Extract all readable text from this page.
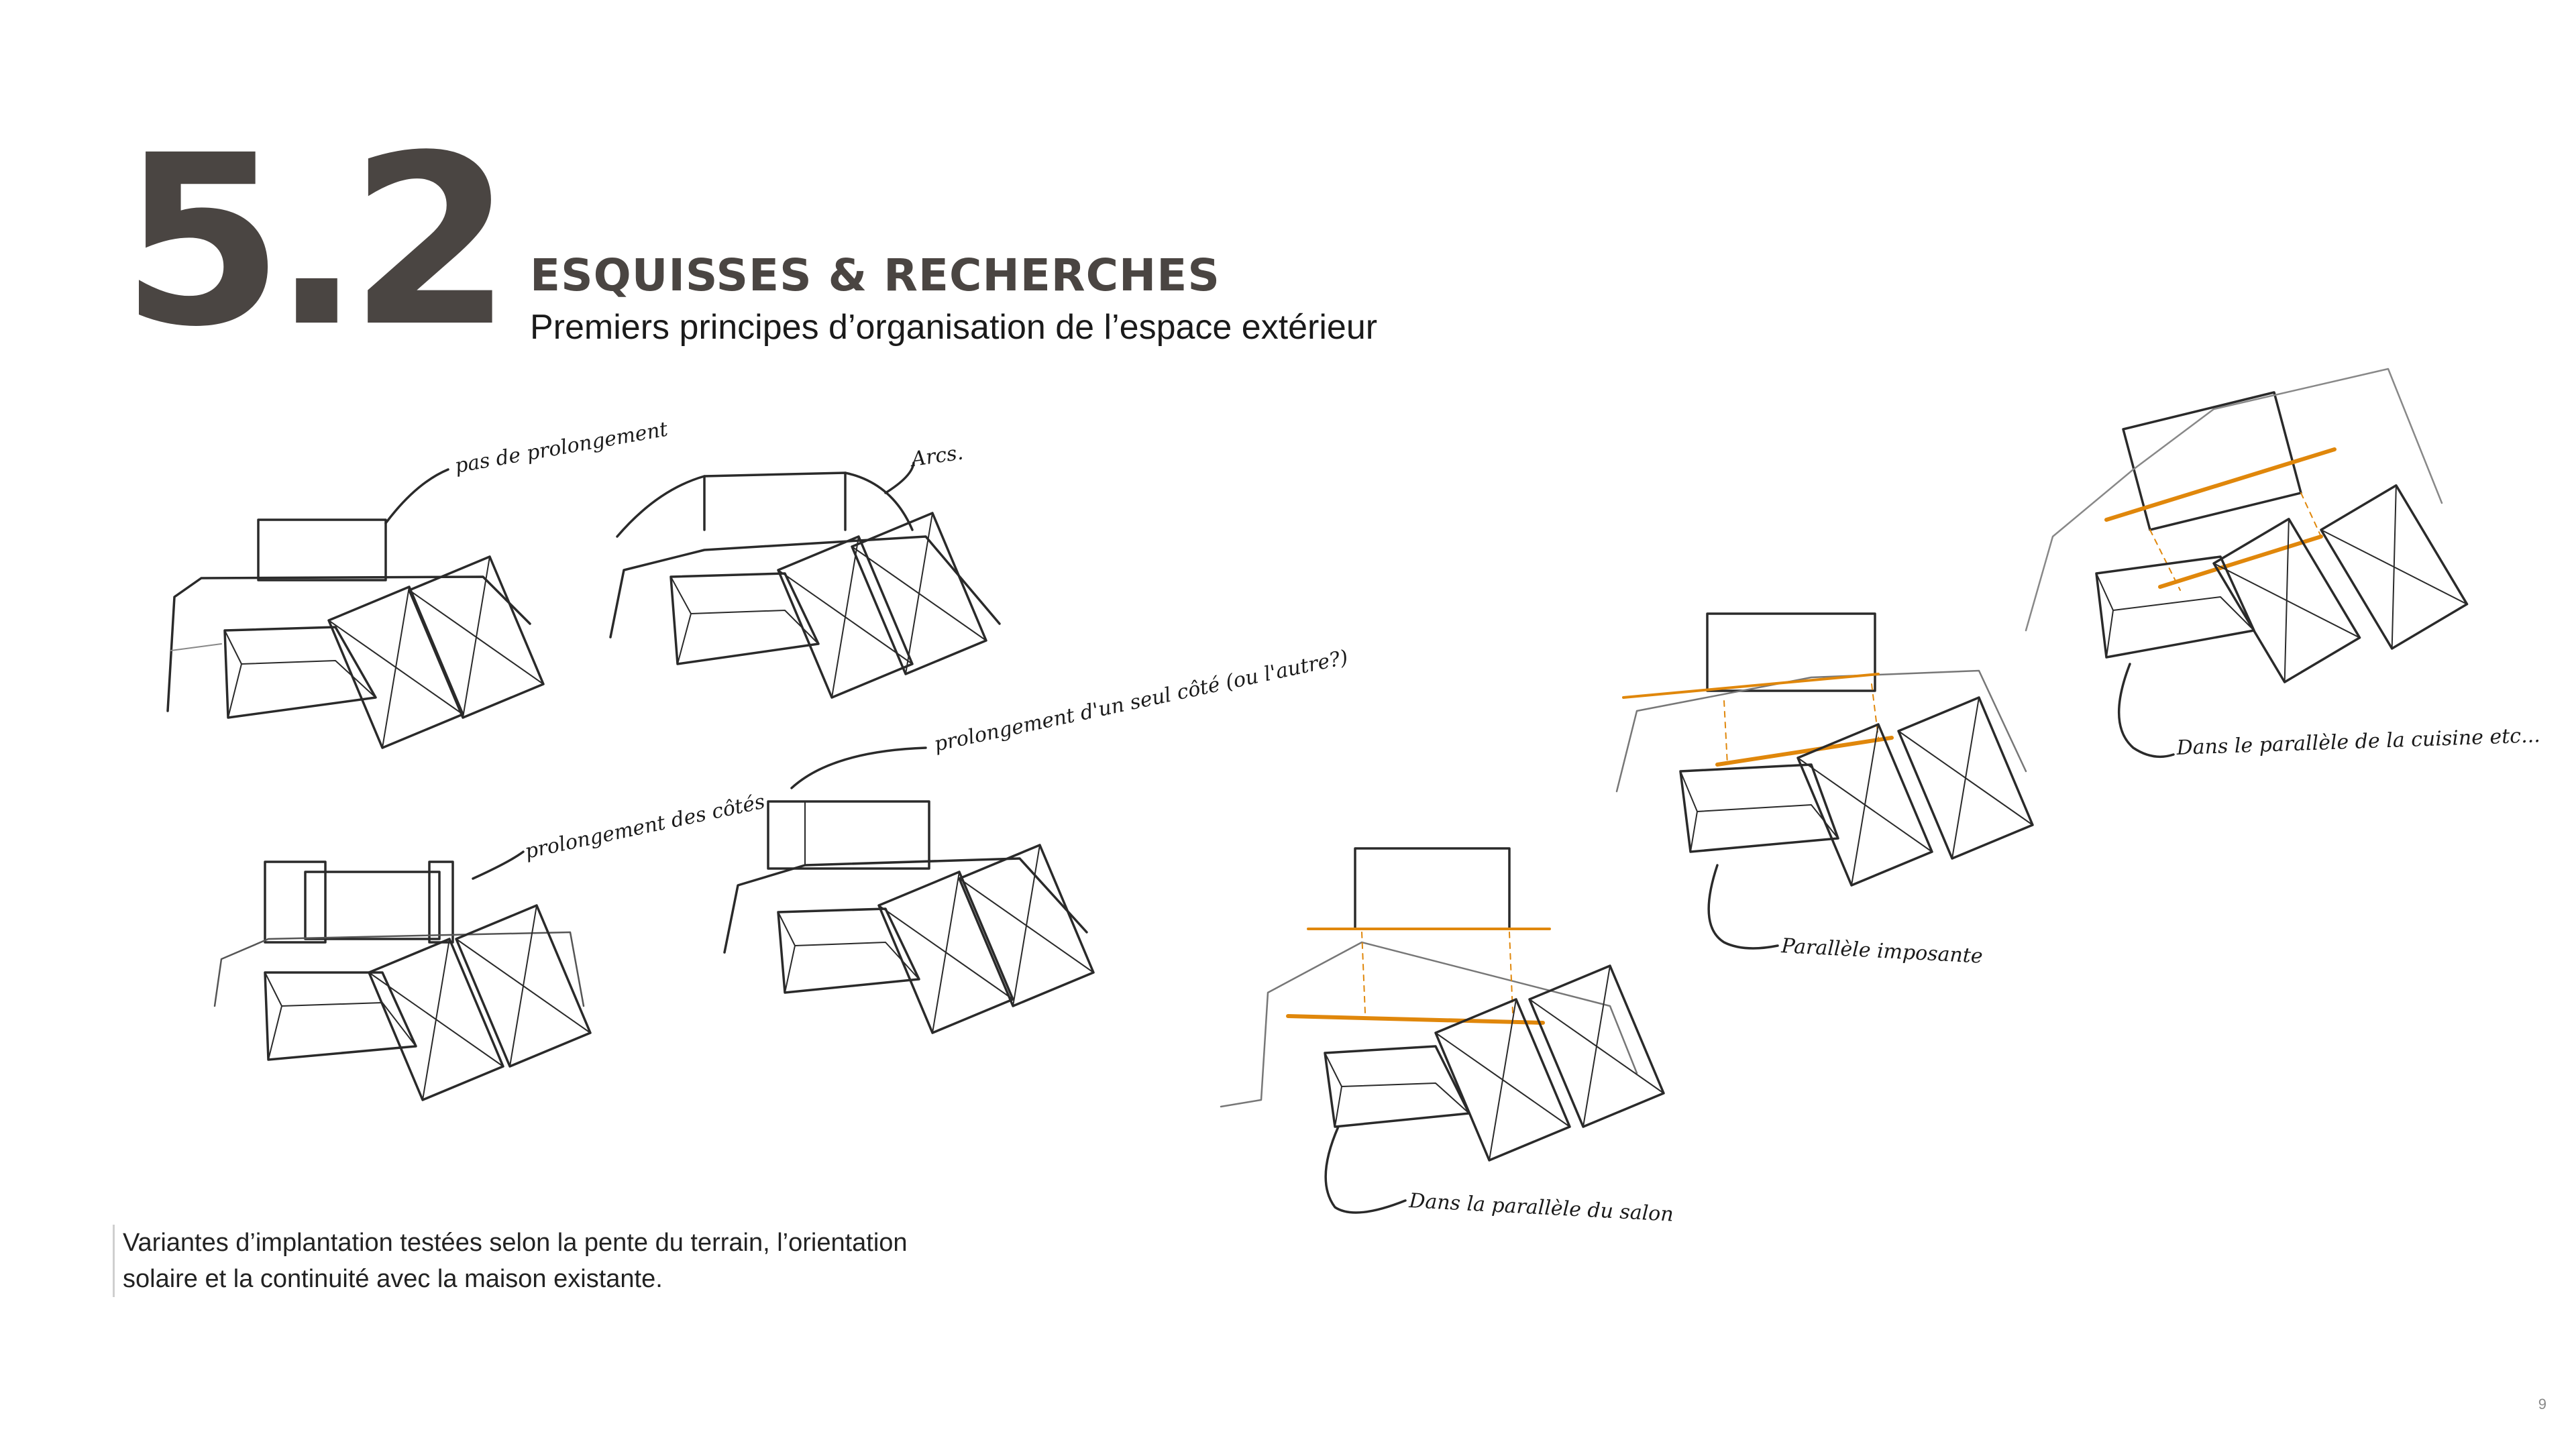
5.2 ESQUISSES & RECHERCHES
Premiers principes d’organisation de l’espace extérieur
pas de prolongement	Arcs.
prolongement des côtés
prolongement d'un seul côté (ou l'autre?)
Dans la parallèle du salon
Parallèle imposante
Dans le parallèle de la cuisine etc...
Variantes d’implantation testées selon la pente du terrain, l’orientation
solaire et la continuité avec la maison existante.
9
